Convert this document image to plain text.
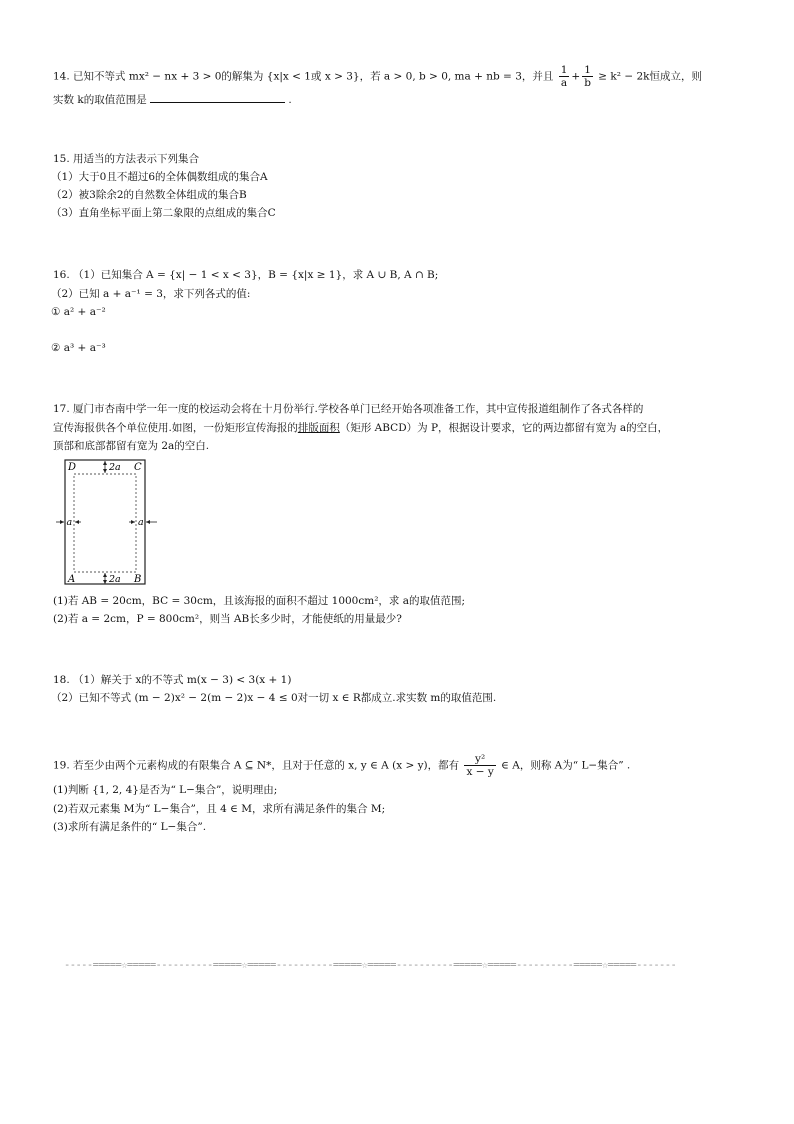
14. 已知不等式 mx² − nx + 3 > 0的解集为 {x|x < 1或 x > 3}，若 a > 0, b > 0, ma + nb = 3，并且 $\frac{1}{a} + \frac{1}{b} \ge k^2 - 2k$恒成立，则
实数 k的取值范围是	.
15. 用适当的方法表示下列集合
（1）大于0且不超过6的全体偶数组成的集合A
（2）被3除余2的自然数全体组成的集合B
（3）直角坐标平面上第二象限的点组成的集合C
16. （1）已知集合 A = {x| − 1 < x < 3}，B = {x|x ≥ 1}，求 A ∪ B, A ∩ B;
（2）已知 a + a⁻¹ = 3，求下列各式的值:
① a² + a⁻²
② a³ + a⁻³
17. 厦门市杏南中学一年一度的校运动会将在十月份举行.学校各单门已经开始各项准备工作，其中宣传报道组制作了各式各样的
宣传海报供各个单位使用.如图，一份矩形宣传海报的排版面积（矩形 ABCD）为 P，根据设计要求，它的两边都留有宽为 a的空白，
顶部和底部都留有宽为 2a的空白.
2a
2a
a	a
D	C
A	B
(1)若 AB = 20cm，BC = 30cm，且该海报的面积不超过 1000cm²，求 a的取值范围;
(2)若 a = 2cm，P = 800cm²，则当 AB长多少时，才能使纸的用量最少?
18. （1）解关于 x的不等式 m(x − 3) < 3(x + 1)
（2）已知不等式 (m − 2)x² − 2(m − 2)x − 4 ≤ 0对一切 x ∈ R都成立.求实数 m的取值范围.
19. 若至少由两个元素构成的有限集合 A ⊆ N*，且对于任意的 x, y ∈ A (x > y)，都有 $\frac{\text{y²}}{x - y}$ ∈ A，则称 A为“ L−集合” .
(1)判断 {1, 2, 4}是否为“ L−集合”，说明理由;
(2)若双元素集 M为“ L−集合”，且 4 ∈ M，求所有满足条件的集合 M;
(3)求所有满足条件的“ L−集合”.
-----=====☆=====----------=====☆=====----------=====☆=====----------=====☆=====----------=====☆=====-------
